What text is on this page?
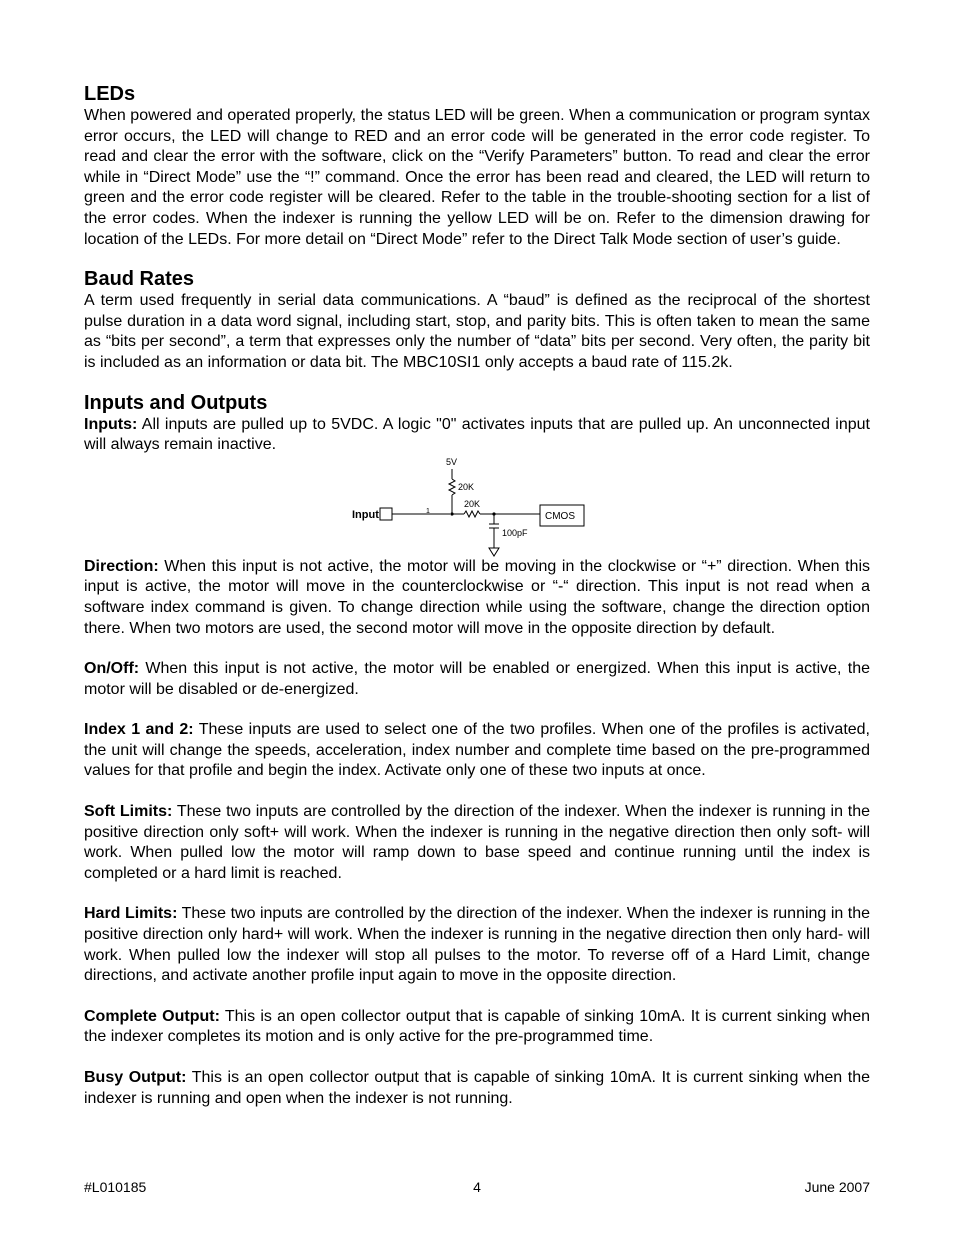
LEDs

When powered and operated properly, the status LED will be green. When a communication or program syntax error occurs, the LED will change to RED and an error code will be generated in the error code register. To read and clear the error with the software, click on the “Verify Parameters” button. To read and clear the error while in “Direct Mode” use the “!” command. Once the error has been read and cleared, the LED will return to green and the error code register will be cleared. Refer to the table in the trouble-shooting section for a list of the error codes. When the indexer is running the yellow LED will be on. Refer to the dimension drawing for location of the LEDs. For more detail on “Direct Mode” refer to the Direct Talk Mode section of user’s guide.

Baud Rates

A term used frequently in serial data communications. A “baud” is defined as the reciprocal of the shortest pulse duration in a data word signal, including start, stop, and parity bits. This is often taken to mean the same as “bits per second”, a term that expresses only the number of “data” bits per second. Very often, the parity bit is included as an information or data bit. The MBC10SI1 only accepts a baud rate of 115.2k.

Inputs and Outputs

Inputs: All inputs are pulled up to 5VDC. A logic "0" activates inputs that are pulled up. An unconnected input will always remain inactive.

5V
20K
20K
100pF
Input	1	CMOS

Direction: When this input is not active, the motor will be moving in the clockwise or “+” direction. When this input is active, the motor will move in the counterclockwise or “-“ direction. This input is not read when a software index command is given. To change direction while using the software, change the direction option there. When two motors are used, the second motor will move in the opposite direction by default.

On/Off: When this input is not active, the motor will be enabled or energized. When this input is active, the motor will be disabled or de-energized.

Index 1 and 2: These inputs are used to select one of the two profiles. When one of the profiles is activated, the unit will change the speeds, acceleration, index number and complete time based on the pre-programmed values for that profile and begin the index. Activate only one of these two inputs at once.

Soft Limits: These two inputs are controlled by the direction of the indexer. When the indexer is running in the positive direction only soft+ will work. When the indexer is running in the negative direction then only soft- will work. When pulled low the motor will ramp down to base speed and continue running until the index is completed or a hard limit is reached.

Hard Limits: These two inputs are controlled by the direction of the indexer. When the indexer is running in the positive direction only hard+ will work. When the indexer is running in the negative direction then only hard- will work. When pulled low the indexer will stop all pulses to the motor. To reverse off of a Hard Limit, change directions, and activate another profile input again to move in the opposite direction.

Complete Output: This is an open collector output that is capable of sinking 10mA. It is current sinking when the indexer completes its motion and is only active for the pre-programmed time.

Busy Output: This is an open collector output that is capable of sinking 10mA. It is current sinking when the indexer is running and open when the indexer is not running.

#L010185	4	June 2007
